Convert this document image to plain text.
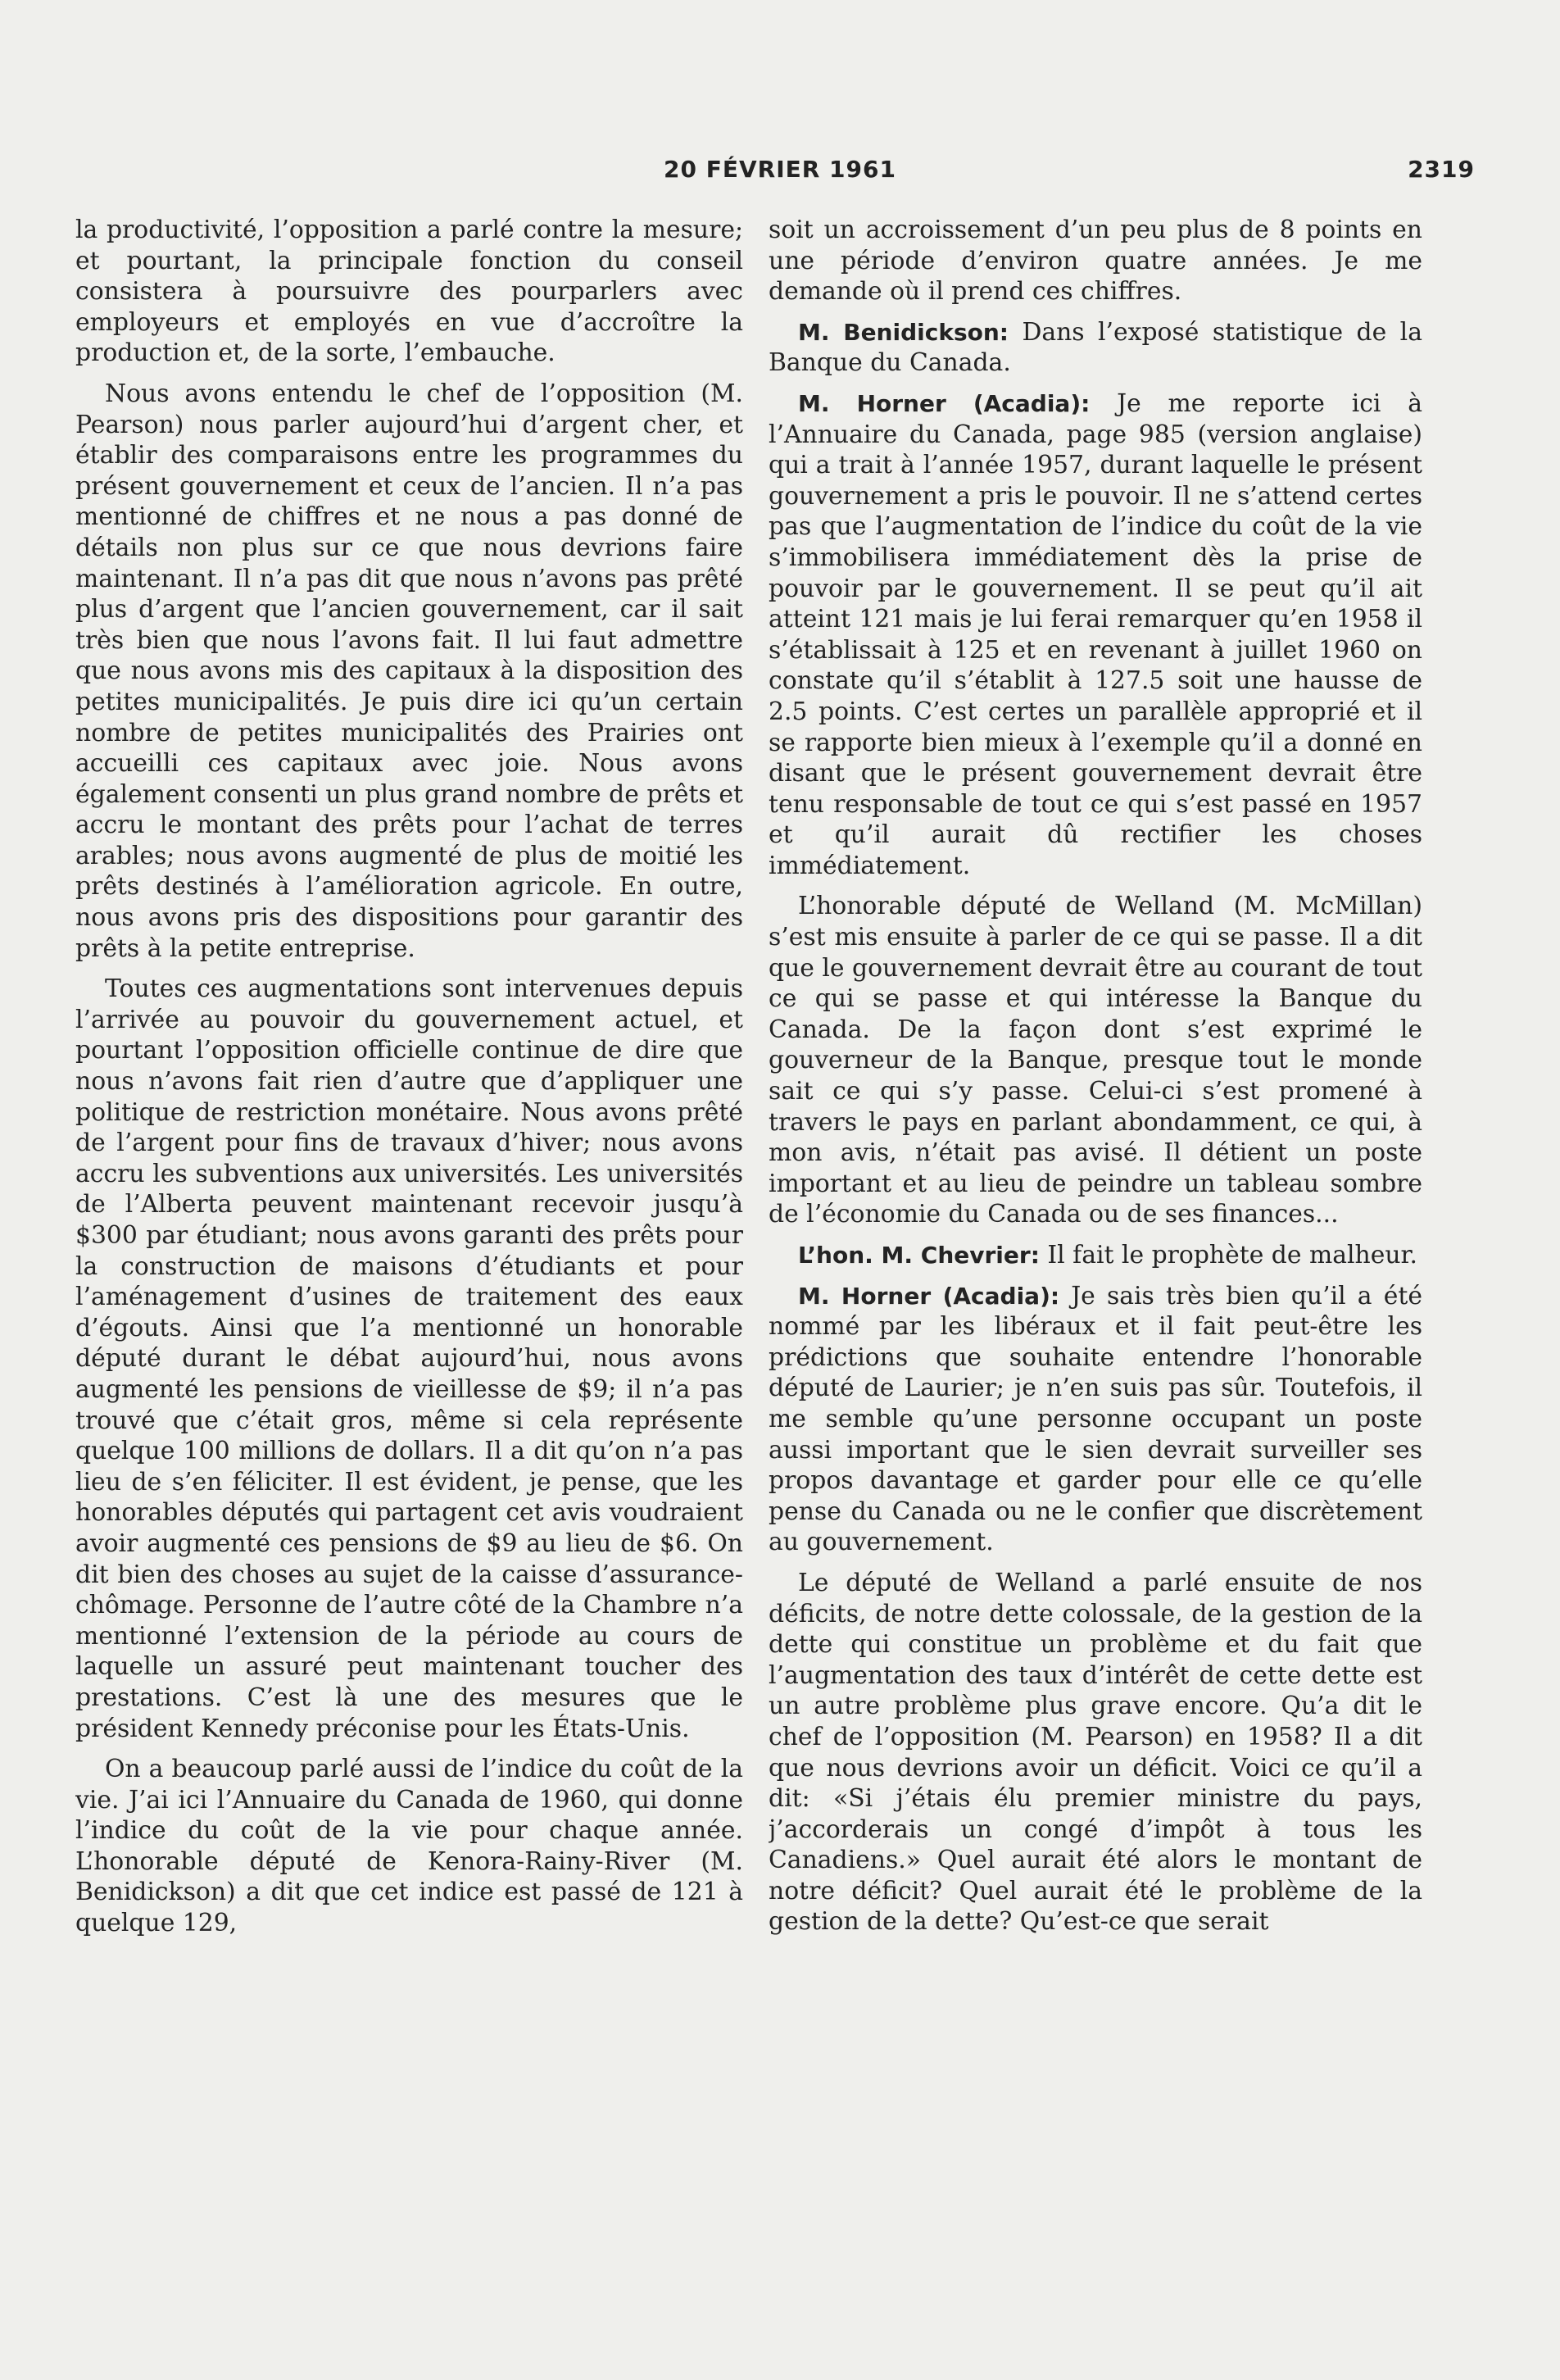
20 FÉVRIER 1961	2319

la productivité, l’opposition a parlé contre la mesure; et pourtant, la principale fonction du conseil consistera à poursuivre des pourparlers avec employeurs et employés en vue d’accroître la production et, de la sorte, l’embauche.

Nous avons entendu le chef de l’opposition (M. Pearson) nous parler aujourd’hui d’argent cher, et établir des comparaisons entre les programmes du présent gouvernement et ceux de l’ancien. Il n’a pas mentionné de chiffres et ne nous a pas donné de détails non plus sur ce que nous devrions faire maintenant. Il n’a pas dit que nous n’avons pas prêté plus d’argent que l’ancien gouvernement, car il sait très bien que nous l’avons fait. Il lui faut admettre que nous avons mis des capitaux à la disposition des petites municipalités. Je puis dire ici qu’un certain nombre de petites municipalités des Prairies ont accueilli ces capitaux avec joie. Nous avons également consenti un plus grand nombre de prêts et accru le montant des prêts pour l’achat de terres arables; nous avons augmenté de plus de moitié les prêts destinés à l’amélioration agricole. En outre, nous avons pris des dispositions pour garantir des prêts à la petite entreprise.

Toutes ces augmentations sont intervenues depuis l’arrivée au pouvoir du gouvernement actuel, et pourtant l’opposition officielle continue de dire que nous n’avons fait rien d’autre que d’appliquer une politique de restriction monétaire. Nous avons prêté de l’argent pour fins de travaux d’hiver; nous avons accru les subventions aux universités. Les universités de l’Alberta peuvent maintenant recevoir jusqu’à $300 par étudiant; nous avons garanti des prêts pour la construction de maisons d’étudiants et pour l’aménagement d’usines de traitement des eaux d’égouts. Ainsi que l’a mentionné un honorable député durant le débat aujourd’hui, nous avons augmenté les pensions de vieillesse de $9; il n’a pas trouvé que c’était gros, même si cela représente quelque 100 millions de dollars. Il a dit qu’on n’a pas lieu de s’en féliciter. Il est évident, je pense, que les honorables députés qui partagent cet avis voudraient avoir augmenté ces pensions de $9 au lieu de $6. On dit bien des choses au sujet de la caisse d’assurance-chômage. Personne de l’autre côté de la Chambre n’a mentionné l’extension de la période au cours de laquelle un assuré peut maintenant toucher des prestations. C’est là une des mesures que le président Kennedy préconise pour les États-Unis.

On a beaucoup parlé aussi de l’indice du coût de la vie. J’ai ici l’Annuaire du Canada de 1960, qui donne l’indice du coût de la vie pour chaque année. L’honorable député de Kenora-Rainy-River (M. Benidickson) a dit que cet indice est passé de 121 à quelque 129,

soit un accroissement d’un peu plus de 8 points en une période d’environ quatre années. Je me demande où il prend ces chiffres.

M. Benidickson: Dans l’exposé statistique de la Banque du Canada.

M. Horner (Acadia): Je me reporte ici à l’Annuaire du Canada, page 985 (version anglaise) qui a trait à l’année 1957, durant laquelle le présent gouvernement a pris le pouvoir. Il ne s’attend certes pas que l’augmentation de l’indice du coût de la vie s’immobilisera immédiatement dès la prise de pouvoir par le gouvernement. Il se peut qu’il ait atteint 121 mais je lui ferai remarquer qu’en 1958 il s’établissait à 125 et en revenant à juillet 1960 on constate qu’il s’établit à 127.5 soit une hausse de 2.5 points. C’est certes un parallèle approprié et il se rapporte bien mieux à l’exemple qu’il a donné en disant que le présent gouvernement devrait être tenu responsable de tout ce qui s’est passé en 1957 et qu’il aurait dû rectifier les choses immédiatement.

L’honorable député de Welland (M. McMillan) s’est mis ensuite à parler de ce qui se passe. Il a dit que le gouvernement devrait être au courant de tout ce qui se passe et qui intéresse la Banque du Canada. De la façon dont s’est exprimé le gouverneur de la Banque, presque tout le monde sait ce qui s’y passe. Celui-ci s’est promené à travers le pays en parlant abondamment, ce qui, à mon avis, n’était pas avisé. Il détient un poste important et au lieu de peindre un tableau sombre de l’économie du Canada ou de ses finances...

L’hon. M. Chevrier: Il fait le prophète de malheur.

M. Horner (Acadia): Je sais très bien qu’il a été nommé par les libéraux et il fait peut-être les prédictions que souhaite entendre l’honorable député de Laurier; je n’en suis pas sûr. Toutefois, il me semble qu’une personne occupant un poste aussi important que le sien devrait surveiller ses propos davantage et garder pour elle ce qu’elle pense du Canada ou ne le confier que discrètement au gouvernement.

Le député de Welland a parlé ensuite de nos déficits, de notre dette colossale, de la gestion de la dette qui constitue un problème et du fait que l’augmentation des taux d’intérêt de cette dette est un autre problème plus grave encore. Qu’a dit le chef de l’opposition (M. Pearson) en 1958? Il a dit que nous devrions avoir un déficit. Voici ce qu’il a dit: «Si j’étais élu premier ministre du pays, j’accorderais un congé d’impôt à tous les Canadiens.» Quel aurait été alors le montant de notre déficit? Quel aurait été le problème de la gestion de la dette? Qu’est-ce que serait
